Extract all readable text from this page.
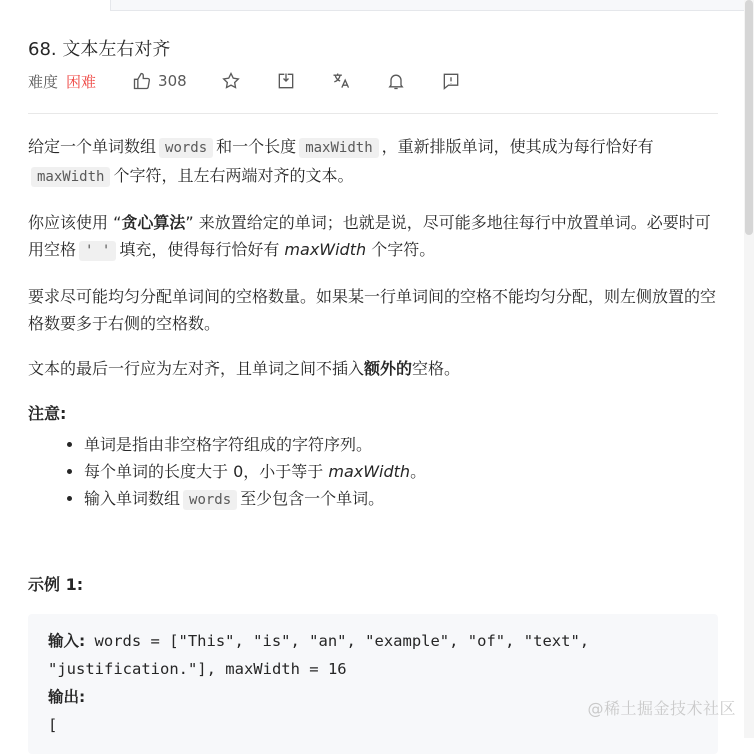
68. 文本左右对齐
难度 困难	308

给定一个单词数组 words 和一个长度 maxWidth ，重新排版单词，使其成为每行恰好有maxWidth 个字符，且左右两端对齐的文本。

你应该使用 “贪心算法” 来放置给定的单词；也就是说，尽可能多地往每行中放置单词。必要时可用空格 ' ' 填充，使得每行恰好有 maxWidth 个字符。

要求尽可能均匀分配单词间的空格数量。如果某一行单词间的空格不能均匀分配，则左侧放置的空格数要多于右侧的空格数。

文本的最后一行应为左对齐，且单词之间不插入额外的空格。

注意:

• 单词是指由非空格字符组成的字符序列。
• 每个单词的长度大于 0，小于等于 maxWidth。
• 输入单词数组 words 至少包含一个单词。
示例 1:
输入: words = ["This", "is", "an", "example", "of", "text",
"justification."], maxWidth = 16
输出:
[
@稀土掘金技术社区
